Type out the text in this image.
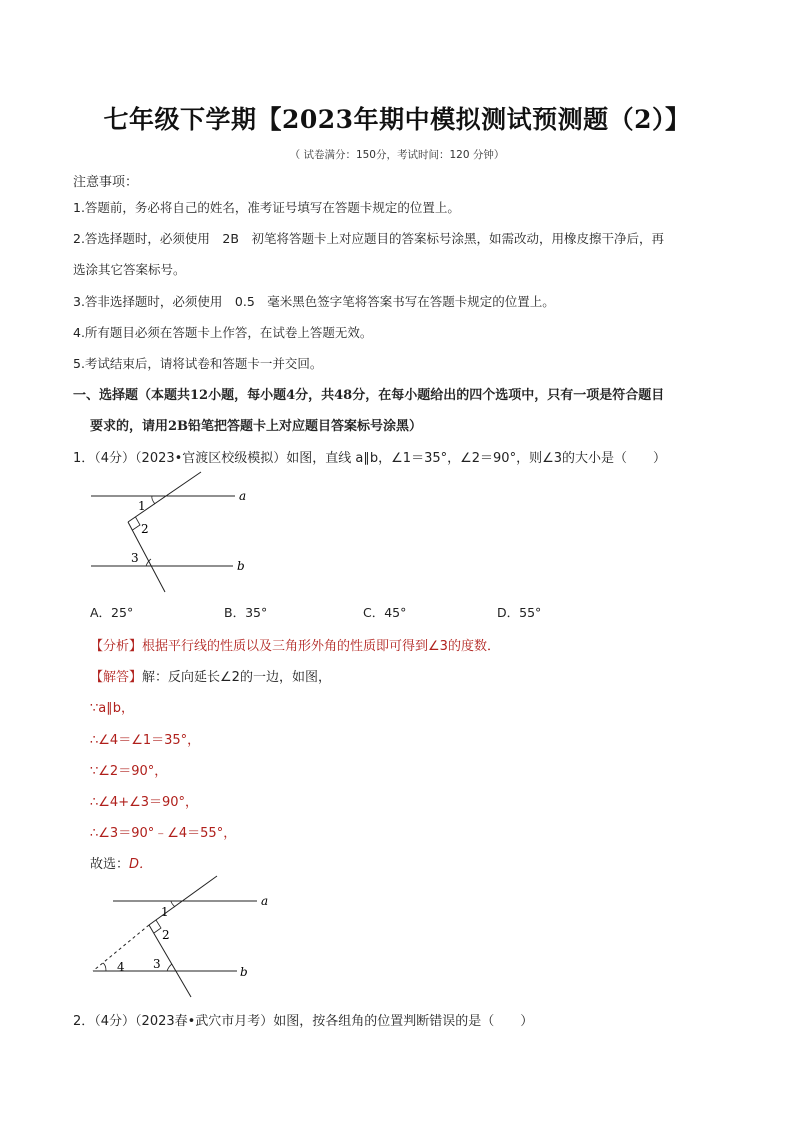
七年级下学期【2023年期中模拟测试预测题（2）】
（ 试卷满分：150分，考试时间：120 分钟）
注意事项：
1.答题前，务必将自己的姓名，准考证号填写在答题卡规定的位置上。
2.答选择题时，必须使用　2B　初笔将答题卡上对应题目的答案标号涂黑，如需改动，用橡皮擦干净后，再
选涂其它答案标号。
3.答非选择题时，必须使用　0.5　毫米黑色签字笔将答案书写在答题卡规定的位置上。
4.所有题目必须在答题卡上作答，在试卷上答题无效。
5.考试结束后，请将试卷和答题卡一并交回。
一、选择题（本题共12小题，每小题4分，共48分，在每小题给出的四个选项中，只有一项是符合题目
要求的，请用2B铅笔把答题卡上对应题目答案标号涂黑）
1．（4分）（2023•官渡区校级模拟）如图，直线 a∥b，∠1＝35°，∠2＝90°，则∠3的大小是（　　）
a
b
1
2
3
A．25°	B．35°	C．45°	D．55°
【分析】根据平行线的性质以及三角形外角的性质即可得到∠3的度数．
【解答】解：反向延长∠2的一边，如图，
∵a∥b，
∴∠4＝∠1＝35°，
∵∠2＝90°，
∴∠4+∠3＝90°，
∴∠3＝90°﹣∠4＝55°，
故选：D．
a
b
1
2
3
4
2．（4分）（2023春•武穴市月考）如图，按各组角的位置判断错误的是（　　）
